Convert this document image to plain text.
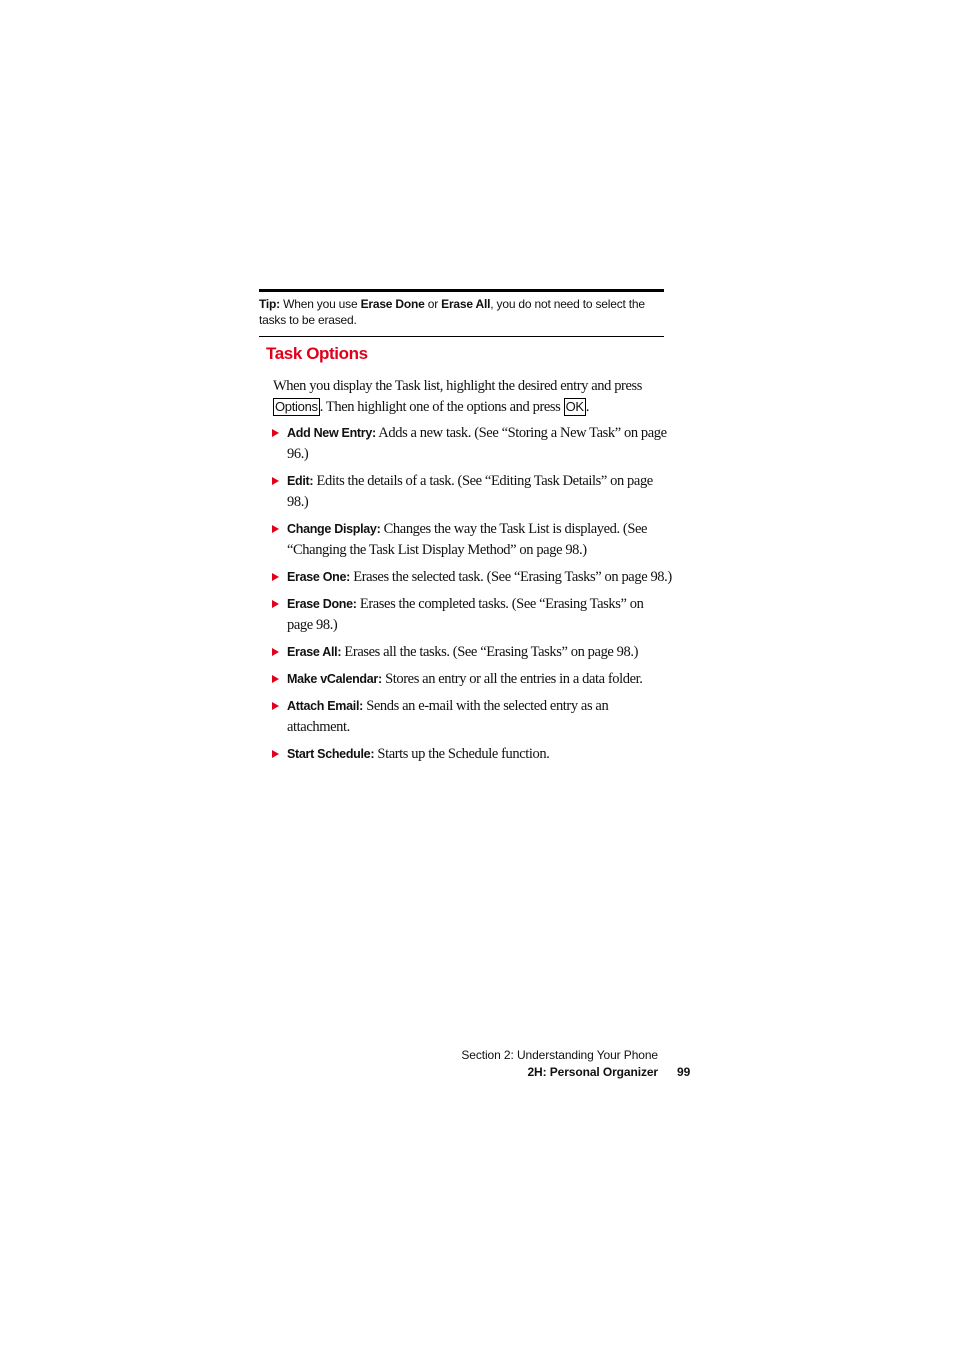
Tip: When you use Erase Done or Erase All, you do not need to select the tasks to be erased.
Task Options

When you display the Task list, highlight the desired entry and press Options . Then highlight one of the options and press OK .

Add New Entry: Adds a new task. (See “Storing a New Task” on page 96.)
Edit: Edits the details of a task. (See “Editing Task Details” on page 98.)
Change Display: Changes the way the Task List is displayed. (See “Changing the Task List Display Method” on page 98.)
Erase One: Erases the selected task. (See “Erasing Tasks” on page 98.)
Erase Done: Erases the completed tasks. (See “Erasing Tasks” on page 98.)
Erase All: Erases all the tasks. (See “Erasing Tasks” on page 98.)
Make vCalendar: Stores an entry or all the entries in a data folder.
Attach Email: Sends an e-mail with the selected entry as an attachment.
Start Schedule: Starts up the Schedule function.
Section 2: Understanding Your Phone
2H: Personal Organizer 99
